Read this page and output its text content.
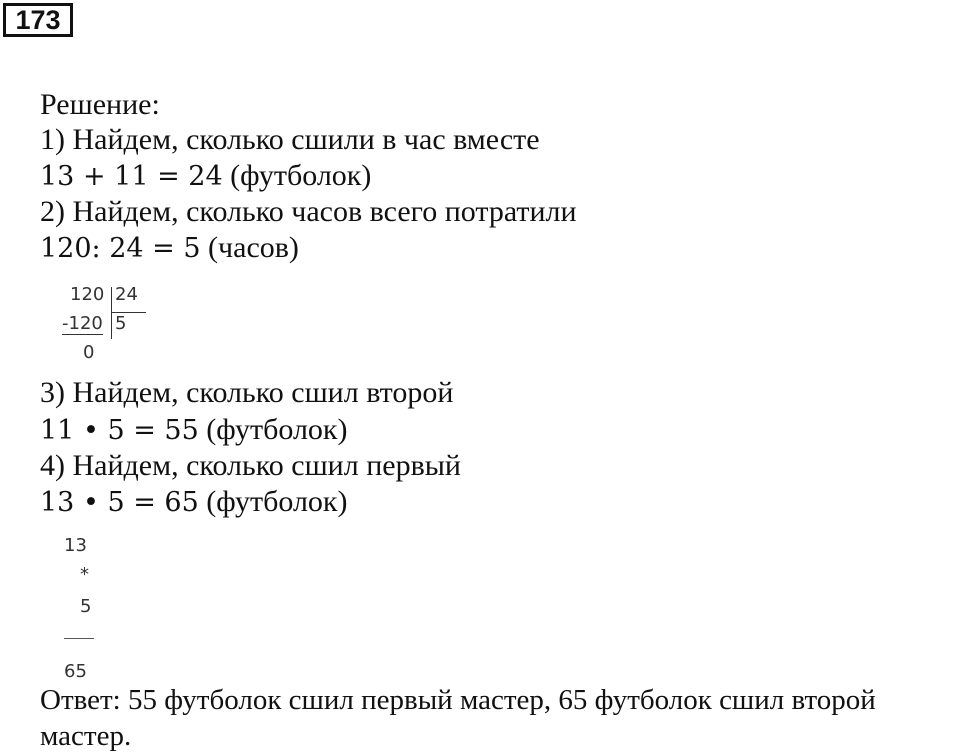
173
Решение:
1) Найдем, сколько сшили в час вместе
13 + 11 = 24 (футболок)
2) Найдем, сколько часов всего потратили
120: 24 = 5 (часов)
120 24
-120 5
0
3) Найдем, сколько сшил второй
11 • 5 = 55 (футболок)
4) Найдем, сколько сшил первый
13 • 5 = 65 (футболок)
13
*
5
65
Ответ: 55 футболок сшил первый мастер, 65 футболок сшил второй мастер.
